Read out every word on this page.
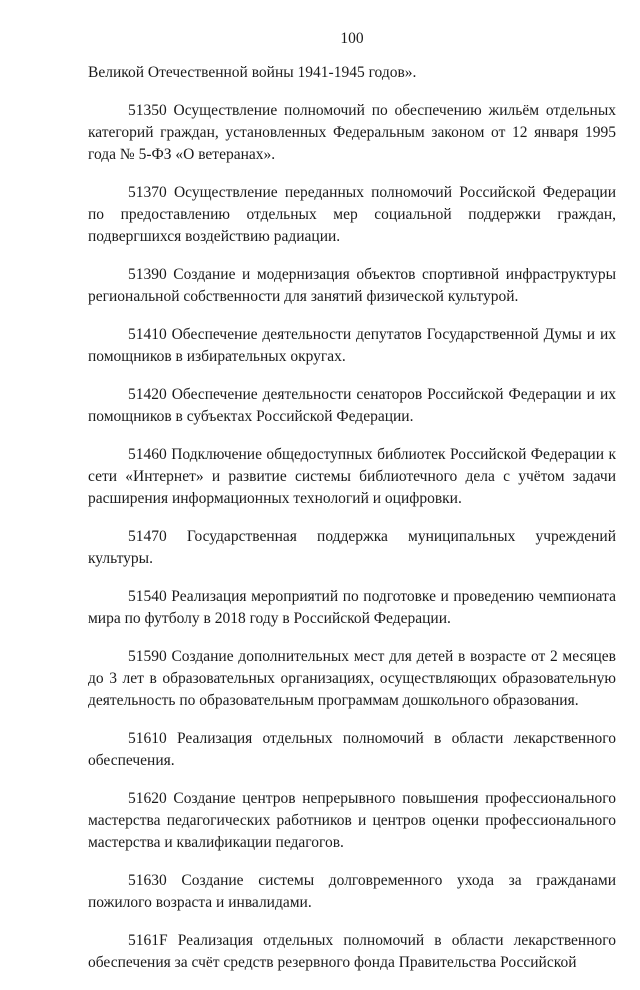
100

Великой Отечественной войны 1941-1945 годов».

51350 Осуществление полномочий по обеспечению жильём отдельных категорий граждан, установленных Федеральным законом от 12 января 1995 года № 5-ФЗ «О ветеранах».

51370 Осуществление переданных полномочий Российской Федерации по предоставлению отдельных мер социальной поддержки граждан, подвергшихся воздействию радиации.

51390 Создание и модернизация объектов спортивной инфраструктуры региональной собственности для занятий физической культурой.

51410 Обеспечение деятельности депутатов Государственной Думы и их помощников в избирательных округах.

51420 Обеспечение деятельности сенаторов Российской Федерации и их помощников в субъектах Российской Федерации.

51460 Подключение общедоступных библиотек Российской Федерации к сети «Интернет» и развитие системы библиотечного дела с учётом задачи расширения информационных технологий и оцифровки.

51470 Государственная поддержка муниципальных учреждений культуры.

51540 Реализация мероприятий по подготовке и проведению чемпионата мира по футболу в 2018 году в Российской Федерации.

51590 Создание дополнительных мест для детей в возрасте от 2 месяцев до 3 лет в образовательных организациях, осуществляющих образовательную деятельность по образовательным программам дошкольного образования.

51610 Реализация отдельных полномочий в области лекарственного обеспечения.

51620 Создание центров непрерывного повышения профессионального мастерства педагогических работников и центров оценки профессионального мастерства и квалификации педагогов.

51630 Создание системы долговременного ухода за гражданами пожилого возраста и инвалидами.

5161F Реализация отдельных полномочий в области лекарственного обеспечения за счёт средств резервного фонда Правительства Российской
